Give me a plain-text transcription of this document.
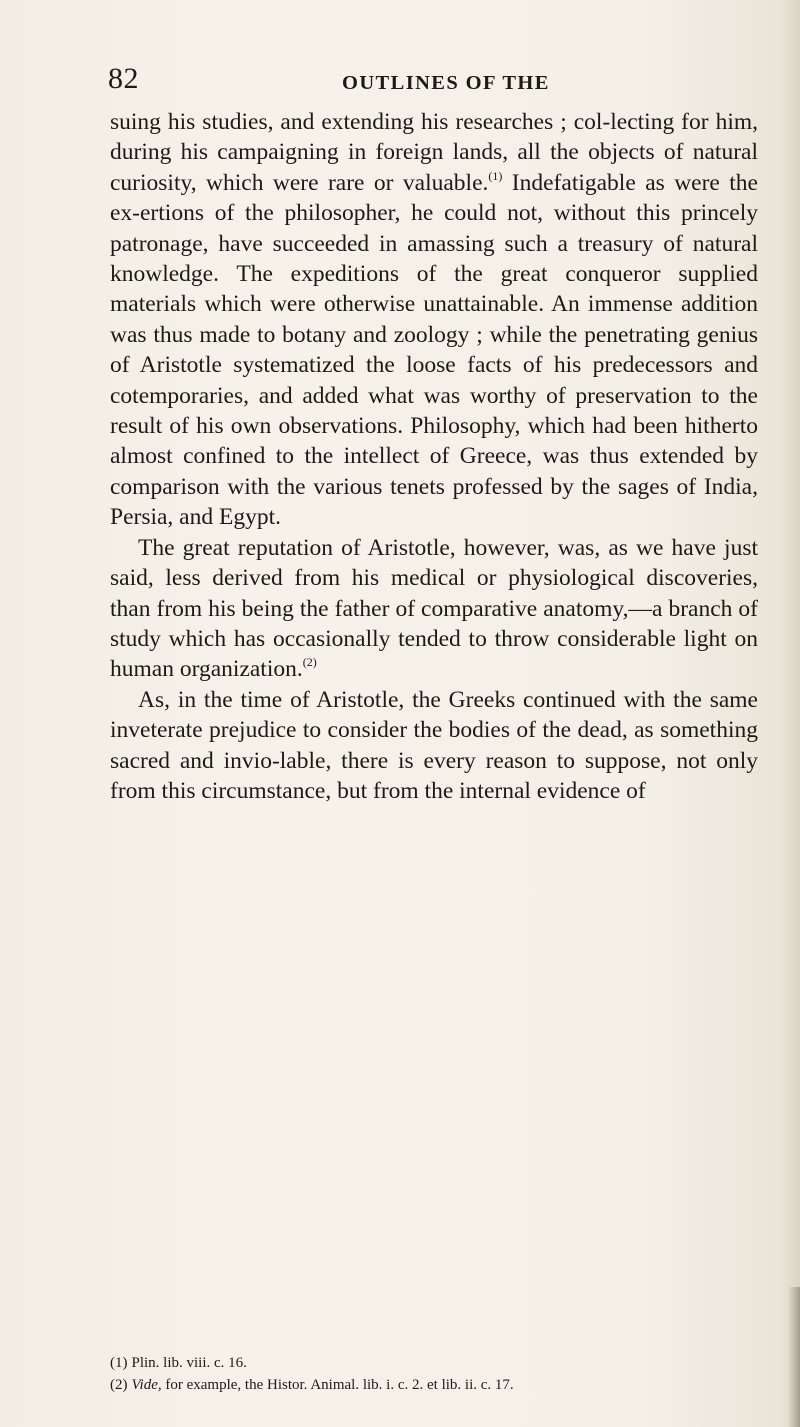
82	OUTLINES OF THE

suing his studies, and extending his researches ; col-lecting for him, during his campaigning in foreign lands, all the objects of natural curiosity, which were rare or valuable.$^{(1)}$ Indefatigable as were the ex-ertions of the philosopher, he could not, without this princely patronage, have succeeded in amassing such a treasury of natural knowledge. The expeditions of the great conqueror supplied materials which were otherwise unattainable. An immense addition was thus made to botany and zoology ; while the penetrating genius of Aristotle systematized the loose facts of his predecessors and cotemporaries, and added what was worthy of preservation to the result of his own observations. Philosophy, which had been hitherto almost confined to the intellect of Greece, was thus extended by comparison with the various tenets professed by the sages of India, Persia, and Egypt.

The great reputation of Aristotle, however, was, as we have just said, less derived from his medical or physiological discoveries, than from his being the father of comparative anatomy,—a branch of study which has occasionally tended to throw considerable light on human organization.$^{(2)}$

As, in the time of Aristotle, the Greeks continued with the same inveterate prejudice to consider the bodies of the dead, as something sacred and invio-lable, there is every reason to suppose, not only from this circumstance, but from the internal evidence of

(1) Plin. lib. viii. c. 16.
(2) Vide, for example, the Histor. Animal. lib. i. c. 2. et lib. ii. c. 17.
